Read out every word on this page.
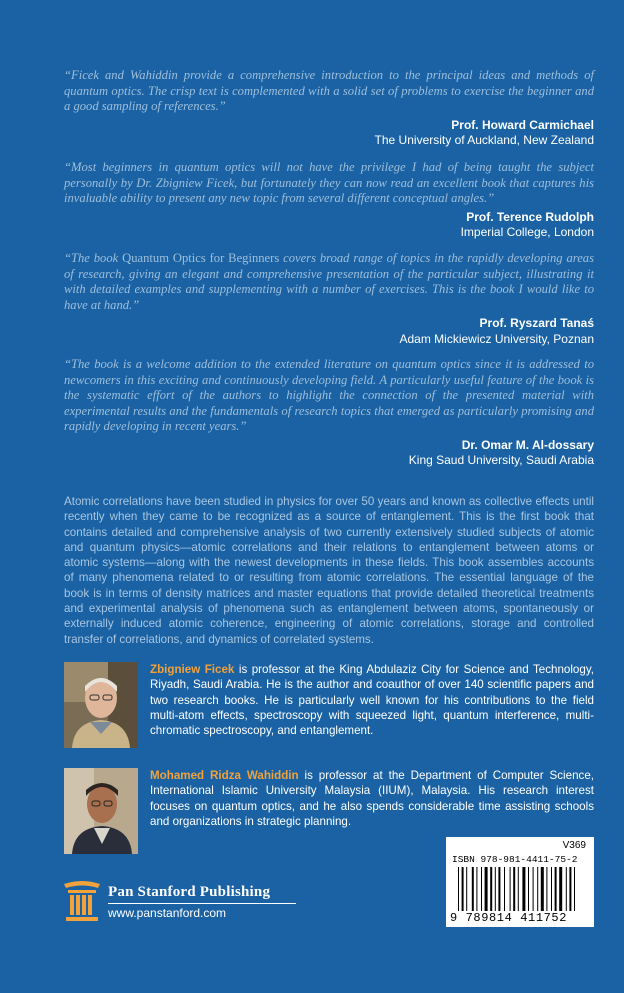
“Ficek and Wahiddin provide a comprehensive introduction to the principal ideas and methods of quantum optics. The crisp text is complemented with a solid set of problems to exercise the beginner and a good sampling of references.”

Prof. Howard Carmichael
The University of Auckland, New Zealand

“Most beginners in quantum optics will not have the privilege I had of being taught the subject personally by Dr. Zbigniew Ficek, but fortunately they can now read an excellent book that captures his invaluable ability to present any new topic from several different conceptual angles.”

Prof. Terence Rudolph
Imperial College, London

“The book Quantum Optics for Beginners covers broad range of topics in the rapidly developing areas of research, giving an elegant and comprehensive presentation of the particular subject, illustrating it with detailed examples and supplementing with a number of exercises. This is the book I would like to have at hand.”

Prof. Ryszard Tanaś
Adam Mickiewicz University, Poznan

“The book is a welcome addition to the extended literature on quantum optics since it is addressed to newcomers in this exciting and continuously developing field. A particularly useful feature of the book is the systematic effort of the authors to highlight the connection of the presented material with experimental results and the fundamentals of research topics that emerged as particularly promising and rapidly developing in recent years.”

Dr. Omar M. Al-dossary
King Saud University, Saudi Arabia

Atomic correlations have been studied in physics for over 50 years and known as collective effects until recently when they came to be recognized as a source of entanglement. This is the first book that contains detailed and comprehensive analysis of two currently extensively studied subjects of atomic and quantum physics—atomic correlations and their relations to entanglement between atoms or atomic systems—along with the newest developments in these fields. This book assembles accounts of many phenomena related to or resulting from atomic correlations. The essential language of the book is in terms of density matrices and master equations that provide detailed theoretical treatments and experimental analysis of phenomena such as entanglement between atoms, spontaneously or externally induced atomic coherence, engineering of atomic correlations, storage and controlled transfer of correlations, and dynamics of correlated systems.

Zbigniew Ficek is professor at the King Abdulaziz City for Science and Technology, Riyadh, Saudi Arabia. He is the author and coauthor of over 140 scientific papers and two research books. He is particularly well known for his contributions to the field multi-atom effects, spectroscopy with squeezed light, quantum interference, multi-chromatic spectroscopy, and entanglement.

Mohamed Ridza Wahiddin is professor at the Department of Computer Science, International Islamic University Malaysia (IIUM), Malaysia. His research interest focuses on quantum optics, and he also spends considerable time assisting schools and organizations in strategic planning.

Pan Stanford Publishing
www.panstanford.com
V369
ISBN 978-981-4411-75-2
9 789814 411752
